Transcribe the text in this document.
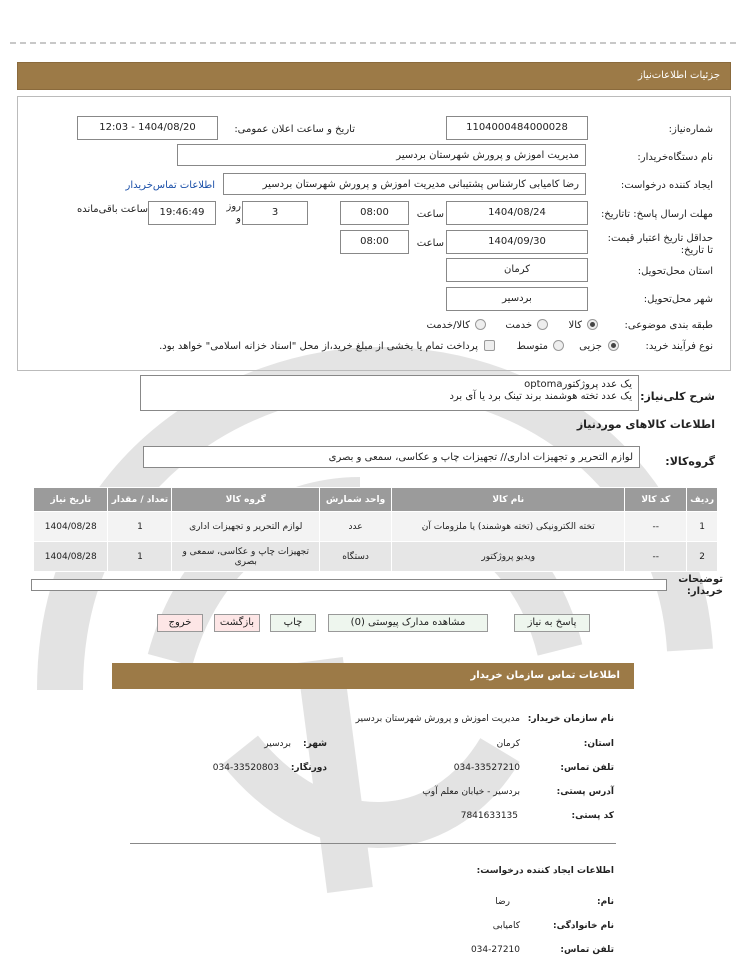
جزئیات اطلاعات‌نیاز
شماره‌نیاز:
1104000484000028
تاریخ و ساعت اعلان عمومی:
1404/08/20 - 12:03
نام دستگاه‌خریدار:
مدیریت اموزش و پرورش شهرستان بردسیر
ایجاد کننده درخواست:
رضا کامیابی کارشناس پشتیبانی مدیریت اموزش و پرورش شهرستان بردسیر
اطلاعات تماس‌خریدار
مهلت ارسال پاسخ: تاتاریخ:
1404/08/24
ساعت
08:00
3
روز و
19:46:49
ساعت باقی‌مانده
حداقل تاریخ اعتبار قیمت: تا تاریخ:
1404/09/30
ساعت
08:00
استان محل‌تحویل:
کرمان
شهر محل‌تحویل:
بردسیر
طبقه بندی موضوعی:
کالا
خدمت
کالا/خدمت
نوع فرآیند خرید:
جزیی
متوسط
پرداخت تمام یا بخشی از مبلغ خرید،از محل "اسناد خزانه اسلامی" خواهد بود.
شرح کلی‌نیاز:
یک عدد پروژکتورoptoma
یک عدد تخته هوشمند برند تینک برد یا آی برد
اطلاعات کالاهای موردنیاز
گروه‌کالا:
لوازم التحریر و تجهیزات اداری// تجهیزات چاپ و عکاسی، سمعی و بصری
ردیف	کد کالا	نام کالا	واحد شمارش	گروه کالا	تعداد / مقدار	تاریخ نیاز
1	--	تخته الکترونیکی (تخته هوشمند) یا ملزومات آن	عدد	لوازم التحریر و تجهیزات اداری	1	1404/08/28
2	--	ویدیو پروژکتور	دستگاه	تجهیزات چاپ و عکاسی، سمعی و بصری	1	1404/08/28
توضیحات خریدار:
پاسخ به نیاز
مشاهده مدارک پیوستی (0)
چاپ
بازگشت
خروج
اطلاعات تماس سازمان خریدار
نام سازمان خریدار:
مدیریت اموزش و پرورش شهرستان بردسیر
استان:
کرمان
شهر:
بردسیر
تلفن تماس:
034-33527210
دورنگار:
034-33520803
آدرس پستی:
بردسیر - خیابان معلم آوپ
کد پستی:
7841633135
اطلاعات ایجاد کننده درخواست:
نام:
رضا
نام خانوادگی:
کامیابی
تلفن تماس:
034-27210
